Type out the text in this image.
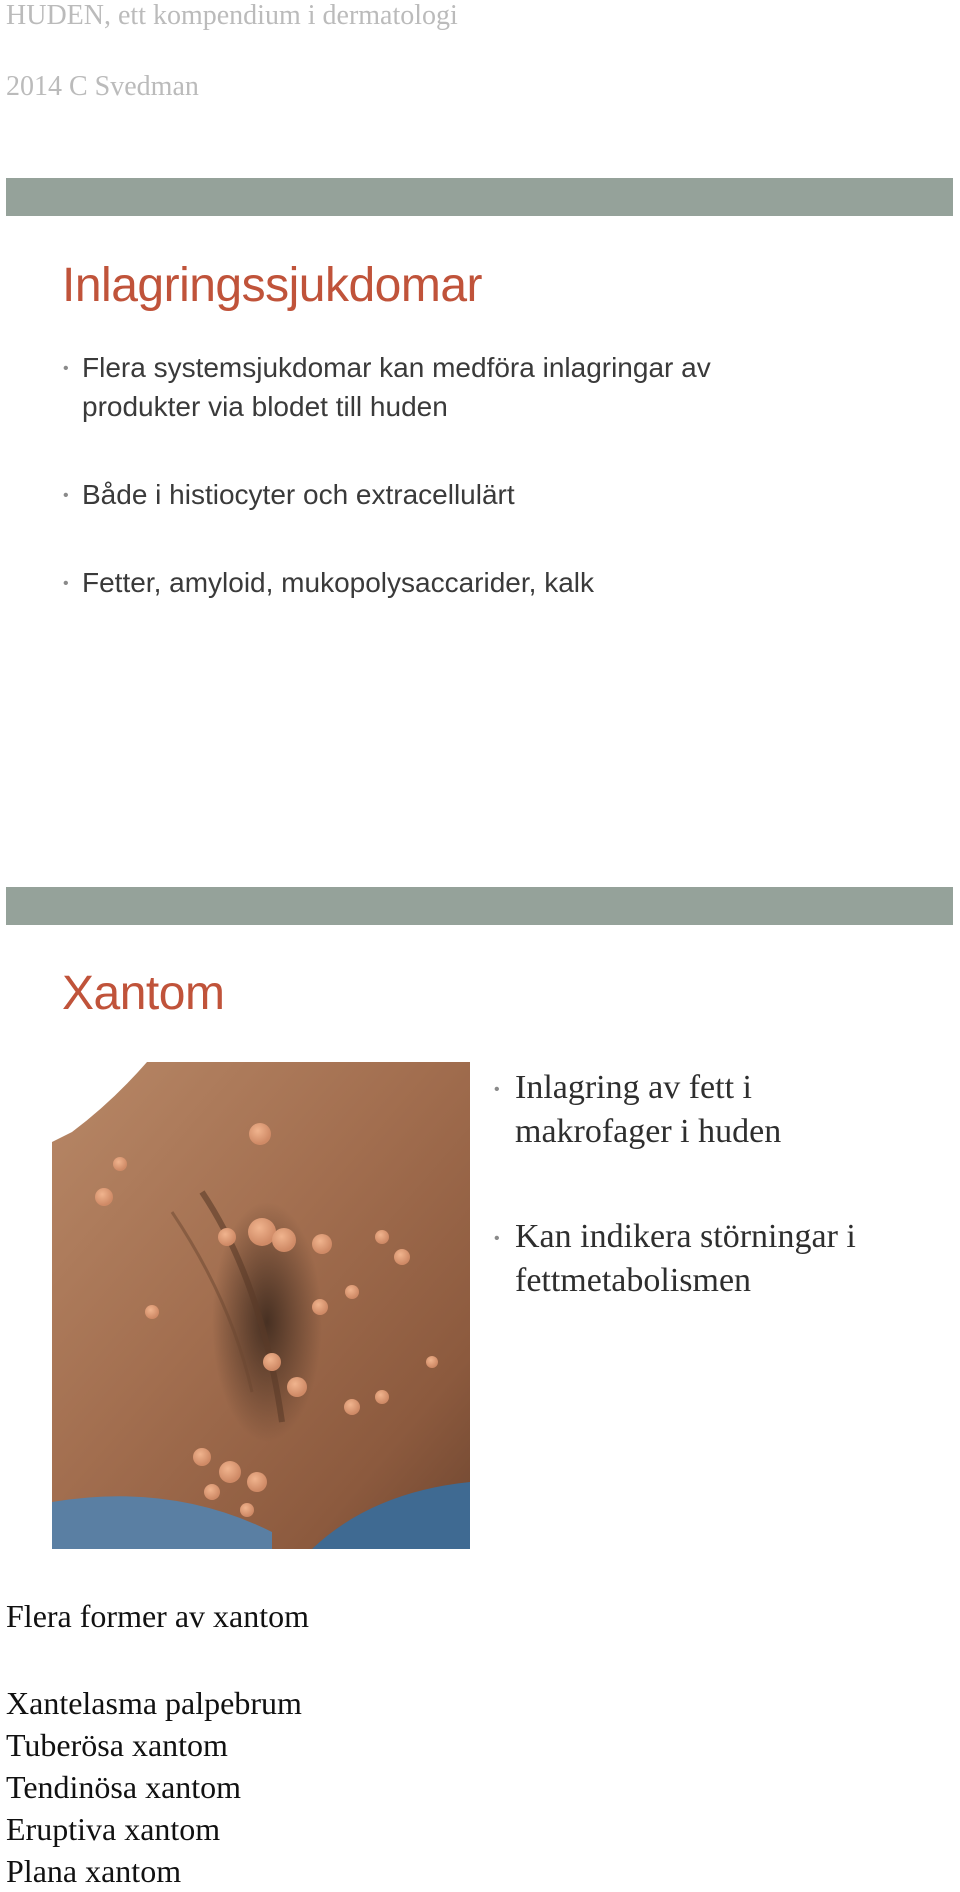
HUDEN, ett kompendium i dermatologi
2014 C Svedman
Inlagringssjukdomar
• Flera systemsjukdomar kan medföra inlagringar av produkter via blodet till huden
• Både i histiocyter och extracellulärt
• Fetter, amyloid, mukopolysaccarider, kalk
Xantom
• Inlagring av fett i makrofager i huden
• Kan indikera störningar i fettmetabolismen
Flera former av xantom
Xantelasma palpebrum
Tuberösa xantom
Tendinösa xantom
Eruptiva xantom
Plana xantom
